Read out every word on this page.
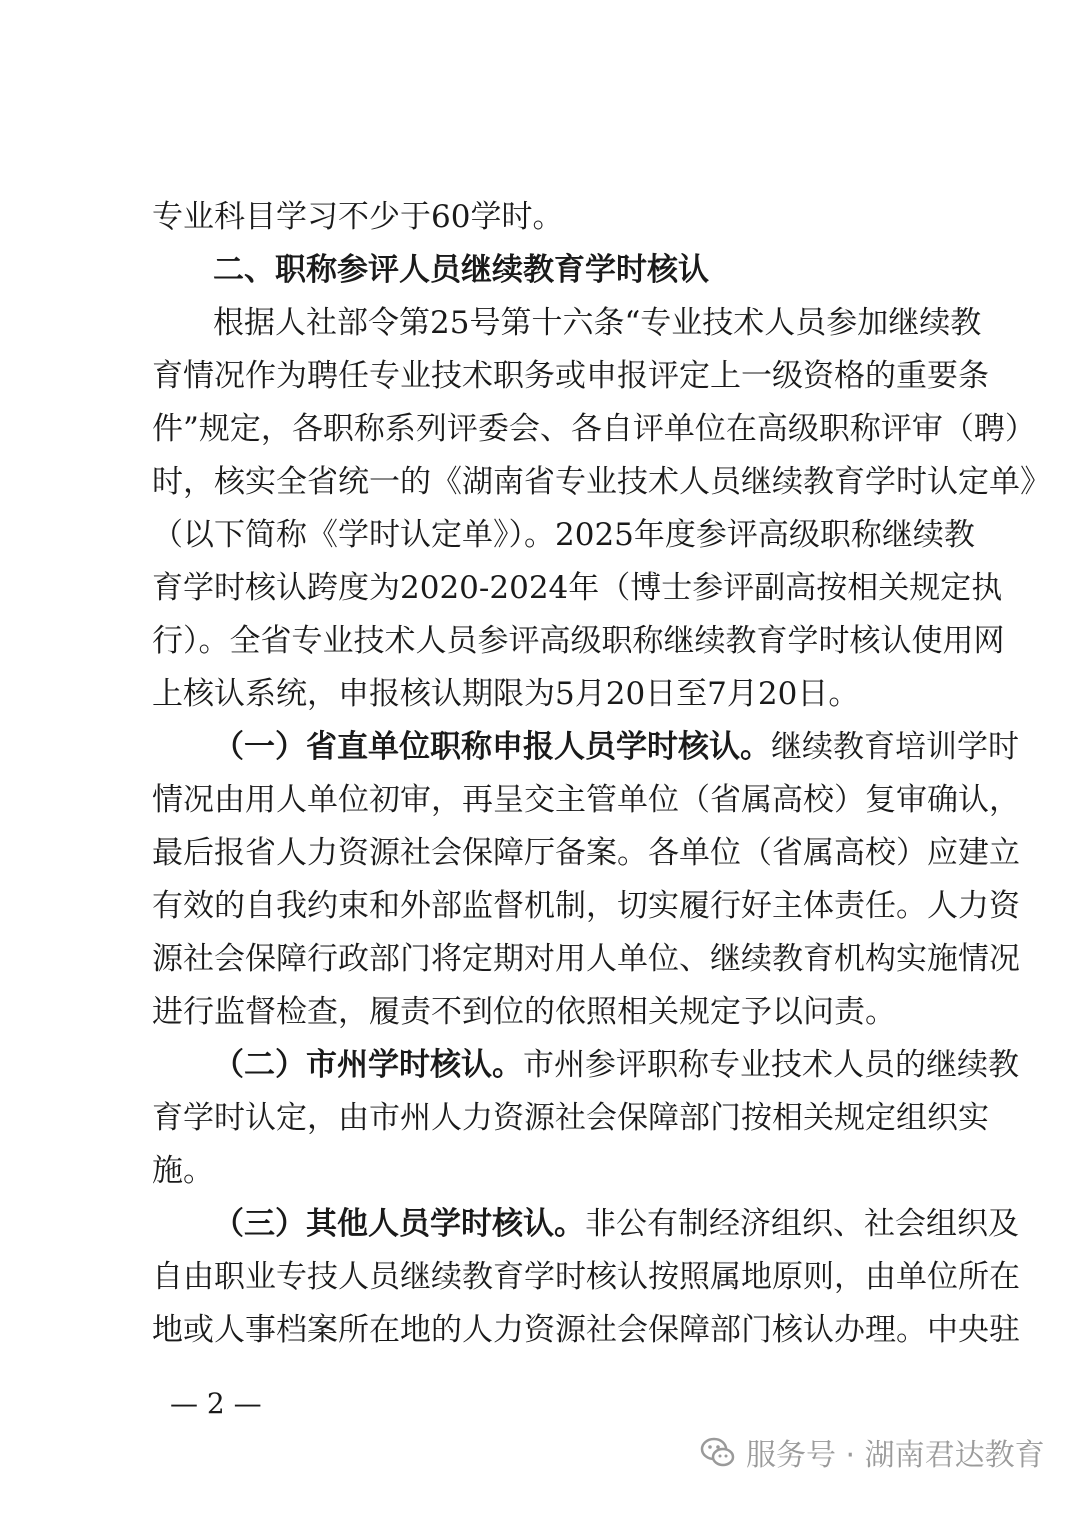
专业科目学习不少于60学时。
二、职称参评人员继续教育学时核认
根据人社部令第25号第十六条“专业技术人员参加继续教
育情况作为聘任专业技术职务或申报评定上一级资格的重要条
件”规定，各职称系列评委会、各自评单位在高级职称评审（聘）
时，核实全省统一的《湖南省专业技术人员继续教育学时认定单》
（以下简称《学时认定单》）。2025年度参评高级职称继续教
育学时核认跨度为2020-2024年（博士参评副高按相关规定执
行）。全省专业技术人员参评高级职称继续教育学时核认使用网
上核认系统，申报核认期限为5月20日至7月20日。
（一）省直单位职称申报人员学时核认。继续教育培训学时
情况由用人单位初审，再呈交主管单位（省属高校）复审确认，
最后报省人力资源社会保障厅备案。各单位（省属高校）应建立
有效的自我约束和外部监督机制，切实履行好主体责任。人力资
源社会保障行政部门将定期对用人单位、继续教育机构实施情况
进行监督检查，履责不到位的依照相关规定予以问责。
（二）市州学时核认。市州参评职称专业技术人员的继续教
育学时认定，由市州人力资源社会保障部门按相关规定组织实
施。
（三）其他人员学时核认。非公有制经济组织、社会组织及
自由职业专技人员继续教育学时核认按照属地原则，由单位所在
地或人事档案所在地的人力资源社会保障部门核认办理。中央驻
— 2 —
服务号 · 湖南君达教育
